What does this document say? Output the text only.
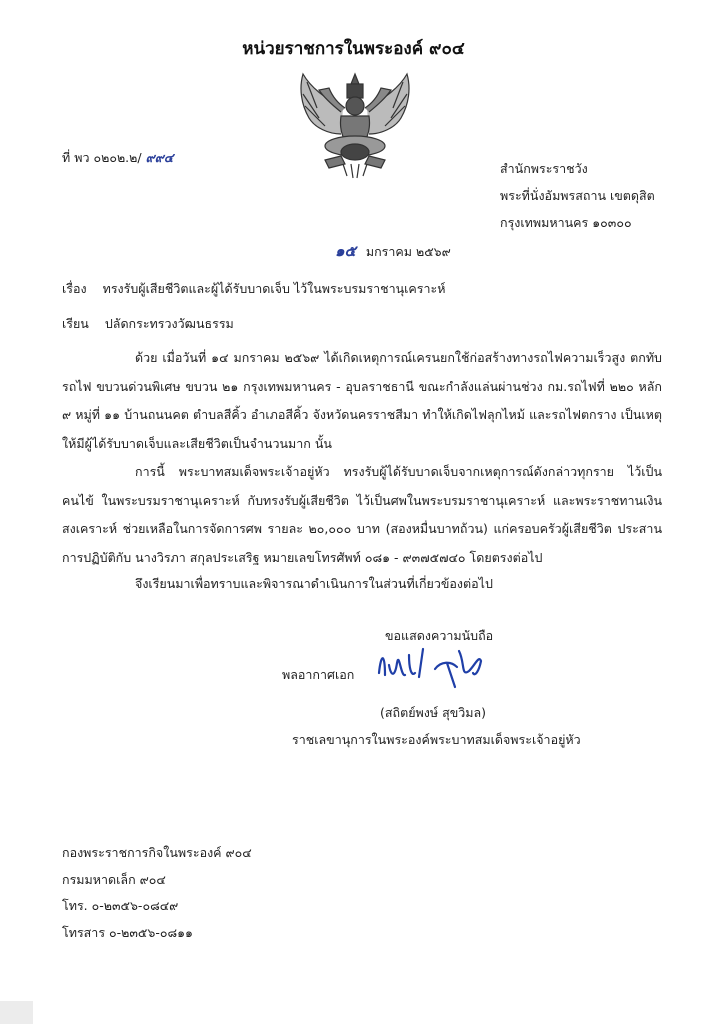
หน่วยราชการในพระองค์ ๙๐๔
ที่ พว ๐๒๐๒.๒/ ๙๙๔
สำนักพระราชวัง
พระที่นั่งอัมพรสถาน เขตดุสิต
กรุงเทพมหานคร ๑๐๓๐๐
๑๕ มกราคม ๒๕๖๙
เรื่อง ทรงรับผู้เสียชีวิตและผู้ได้รับบาดเจ็บ ไว้ในพระบรมราชานุเคราะห์
เรียน ปลัดกระทรวงวัฒนธรรม
ด้วย เมื่อวันที่ ๑๔ มกราคม ๒๕๖๙ ได้เกิดเหตุการณ์เครนยกใช้ก่อสร้างทางรถไฟความเร็วสูง ตกทับรถไฟ ขบวนด่วนพิเศษ ขบวน ๒๑ กรุงเทพมหานคร - อุบลราชธานี ขณะกำลังแล่นผ่านช่วง กม.รถไฟที่ ๒๒๐ หลัก ๙ หมู่ที่ ๑๑ บ้านถนนคต ตำบลสีคิ้ว อำเภอสีคิ้ว จังหวัดนครราชสีมา ทำให้เกิดไฟลุกไหม้ และรถไฟตกราง เป็นเหตุให้มีผู้ได้รับบาดเจ็บและเสียชีวิตเป็นจำนวนมาก นั้น
การนี้ พระบาทสมเด็จพระเจ้าอยู่หัว ทรงรับผู้ได้รับบาดเจ็บจากเหตุการณ์ดังกล่าวทุกราย ไว้เป็นคนไข้ ในพระบรมราชานุเคราะห์ กับทรงรับผู้เสียชีวิต ไว้เป็นศพในพระบรมราชานุเคราะห์ และพระราชทานเงินสงเคราะห์ ช่วยเหลือในการจัดการศพ รายละ ๒๐,๐๐๐ บาท (สองหมื่นบาทถ้วน) แก่ครอบครัวผู้เสียชีวิต ประสานการปฏิบัติกับ นางวิรภา สกุลประเสริฐ หมายเลขโทรศัพท์ ๐๘๑ - ๙๓๗๕๗๔๐ โดยตรงต่อไป
จึงเรียนมาเพื่อทราบและพิจารณาดำเนินการในส่วนที่เกี่ยวข้องต่อไป
ขอแสดงความนับถือ
พลอากาศเอก
(สถิตย์พงษ์ สุขวิมล)
ราชเลขานุการในพระองค์พระบาทสมเด็จพระเจ้าอยู่หัว
กองพระราชการกิจในพระองค์ ๙๐๔
กรมมหาดเล็ก ๙๐๔
โทร. ๐-๒๓๕๖-๐๘๔๙
โทรสาร ๐-๒๓๕๖-๐๘๑๑
